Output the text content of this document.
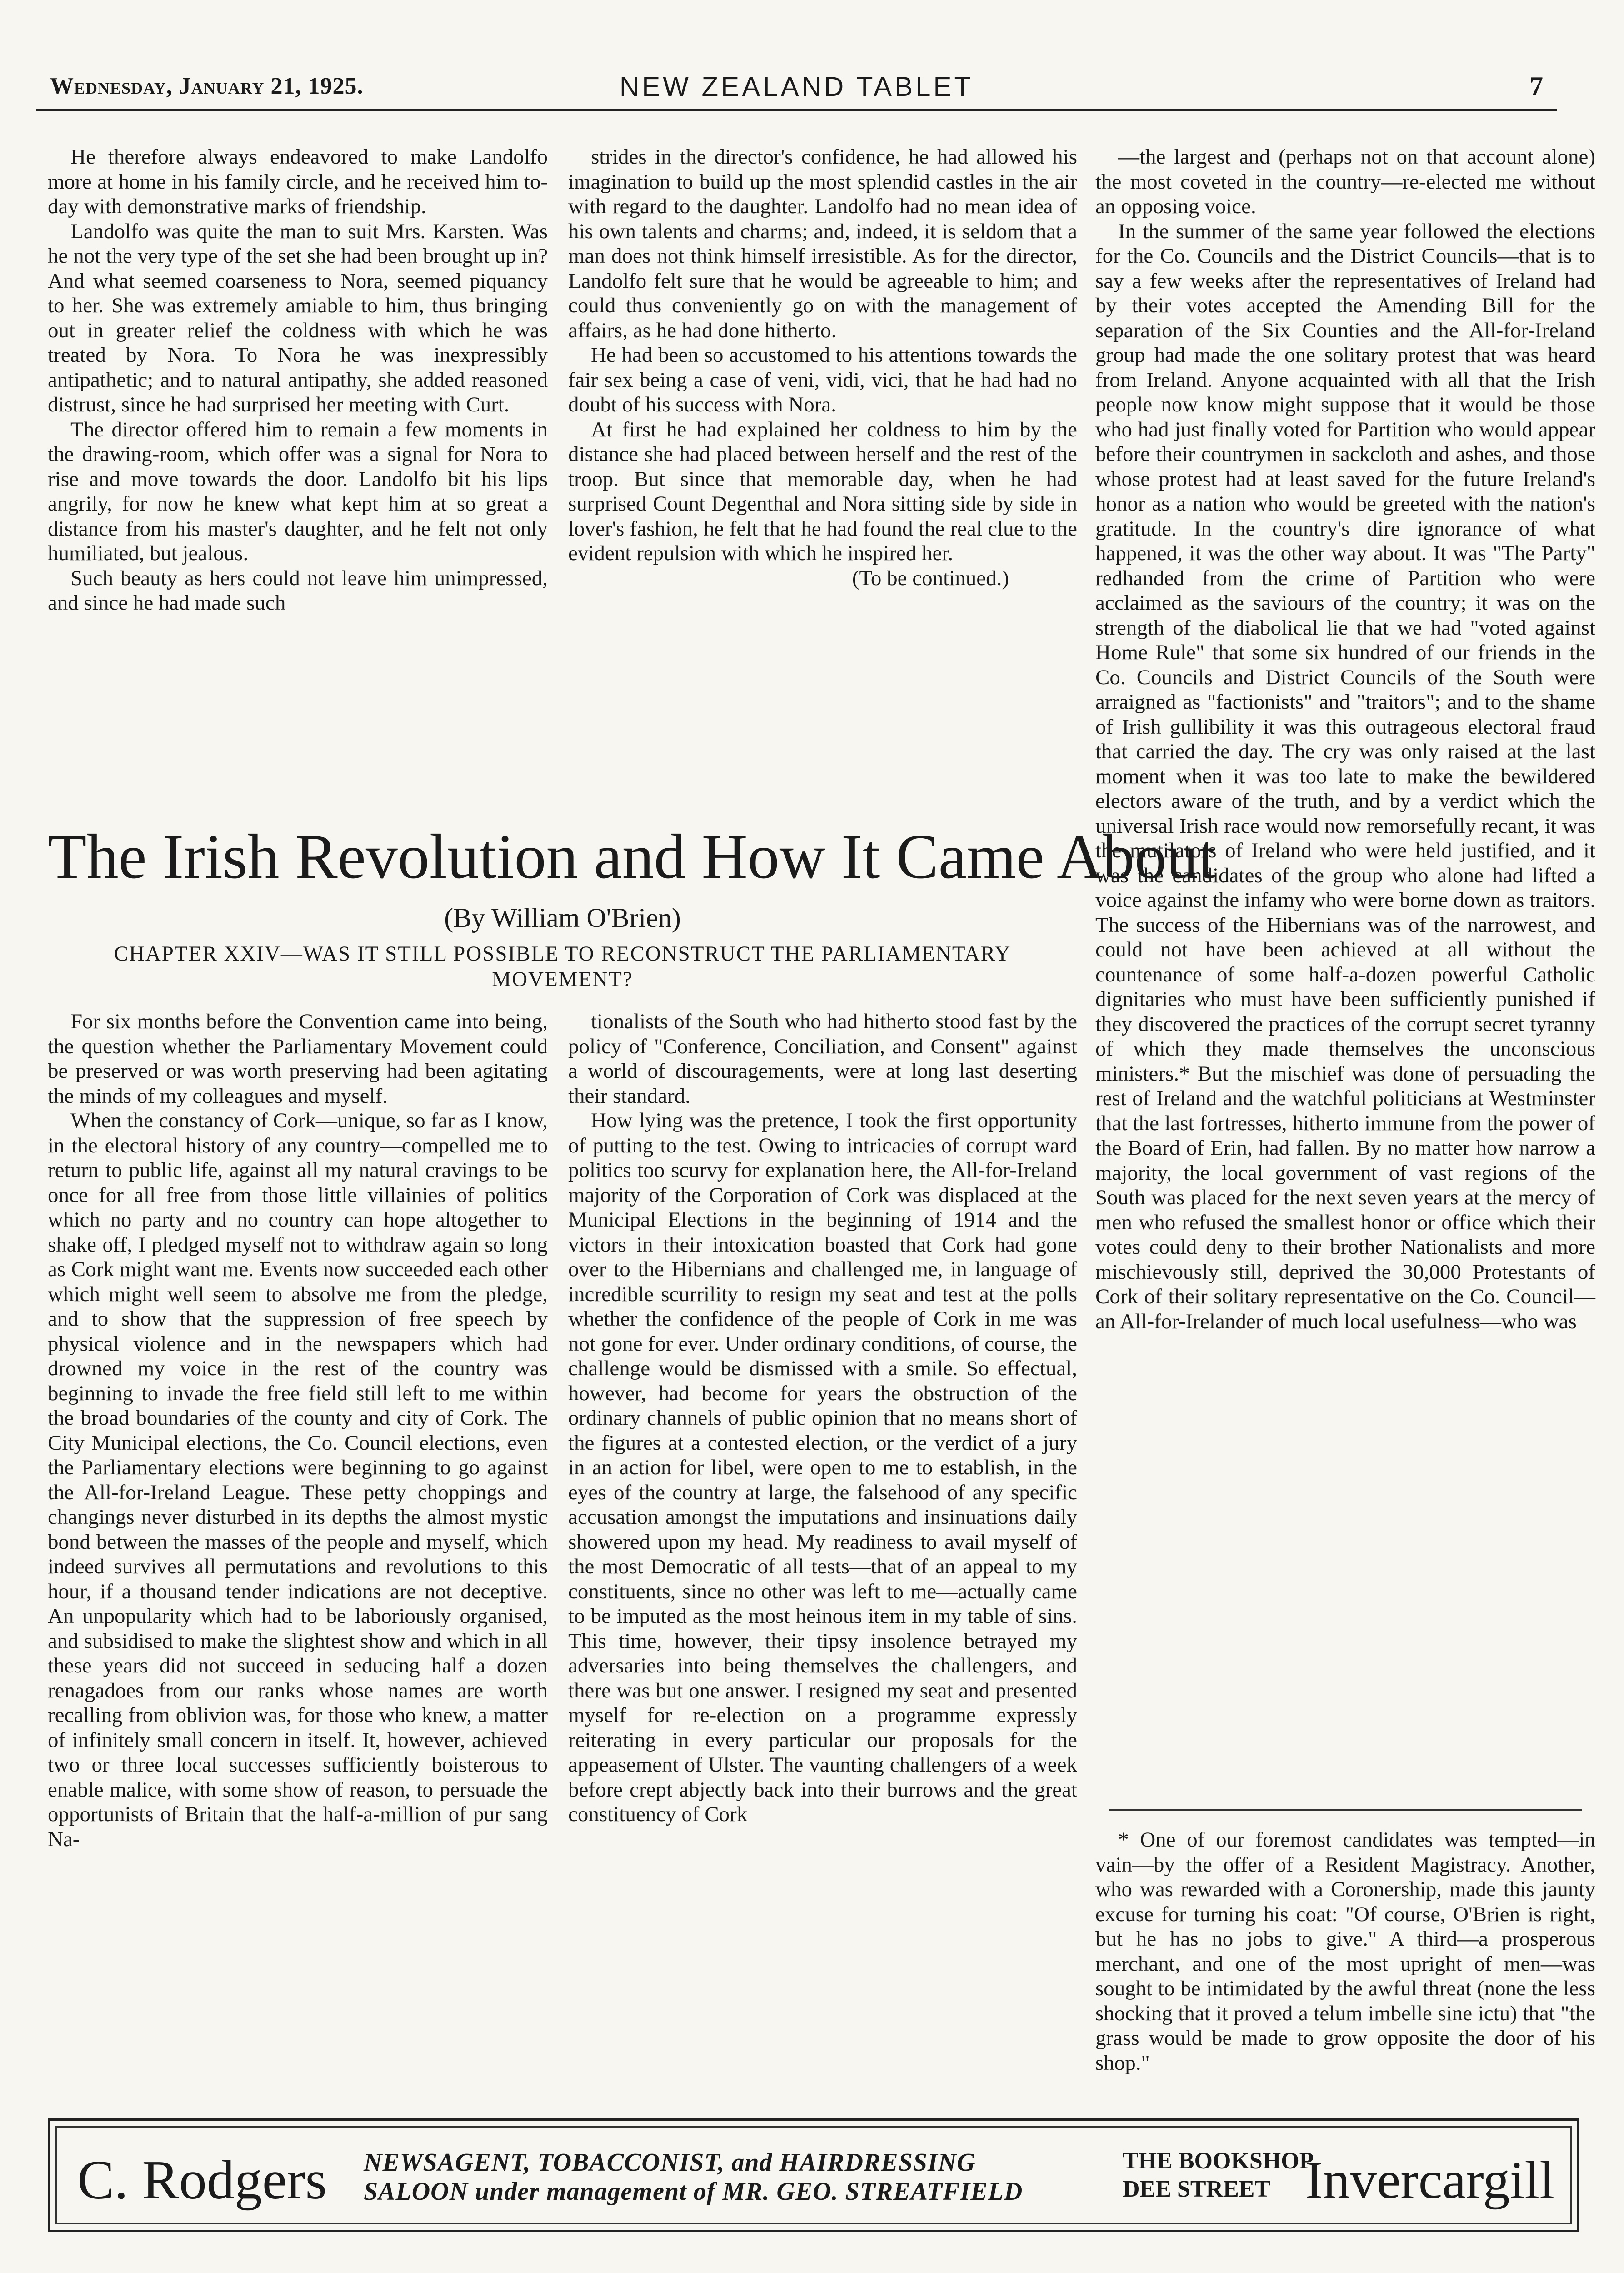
Wednesday, January 21, 1925.	NEW ZEALAND TABLET	7

He therefore always endeavored to make Landolfo more at home in his family circle, and he received him to-day with demonstrative marks of friendship.

Landolfo was quite the man to suit Mrs. Karsten. Was he not the very type of the set she had been brought up in? And what seemed coarseness to Nora, seemed piquancy to her. She was extremely amiable to him, thus bringing out in greater relief the coldness with which he was treated by Nora. To Nora he was inexpressibly antipathetic; and to natural antipathy, she added reasoned distrust, since he had surprised her meeting with Curt.

The director offered him to remain a few moments in the drawing-room, which offer was a signal for Nora to rise and move towards the door. Landolfo bit his lips angrily, for now he knew what kept him at so great a distance from his master's daughter, and he felt not only humiliated, but jealous.

Such beauty as hers could not leave him unimpressed, and since he had made such

strides in the director's confidence, he had allowed his imagination to build up the most splendid castles in the air with regard to the daughter. Landolfo had no mean idea of his own talents and charms; and, indeed, it is seldom that a man does not think himself irresistible. As for the director, Landolfo felt sure that he would be agreeable to him; and could thus conveniently go on with the management of affairs, as he had done hitherto.

He had been so accustomed to his attentions towards the fair sex being a case of veni, vidi, vici, that he had had no doubt of his success with Nora.

At first he had explained her coldness to him by the distance she had placed between herself and the rest of the troop. But since that memorable day, when he had surprised Count Degenthal and Nora sitting side by side in lover's fashion, he felt that he had found the real clue to the evident repulsion with which he inspired her.

(To be continued.)

The Irish Revolution and How It Came About
(By William O'Brien)
CHAPTER XXIV—WAS IT STILL POSSIBLE TO RECONSTRUCT THE PARLIAMENTARY MOVEMENT?

For six months before the Convention came into being, the question whether the Parliamentary Movement could be preserved or was worth preserving had been agitating the minds of my colleagues and myself.

When the constancy of Cork—unique, so far as I know, in the electoral history of any country—compelled me to return to public life, against all my natural cravings to be once for all free from those little villainies of politics which no party and no country can hope altogether to shake off, I pledged myself not to withdraw again so long as Cork might want me. Events now succeeded each other which might well seem to absolve me from the pledge, and to show that the suppression of free speech by physical violence and in the newspapers which had drowned my voice in the rest of the country was beginning to invade the free field still left to me within the broad boundaries of the county and city of Cork. The City Municipal elections, the Co. Council elections, even the Parliamentary elections were beginning to go against the All-for-Ireland League. These petty choppings and changings never disturbed in its depths the almost mystic bond between the masses of the people and myself, which indeed survives all permutations and revolutions to this hour, if a thousand tender indications are not deceptive. An unpopularity which had to be laboriously organised, and subsidised to make the slightest show and which in all these years did not succeed in seducing half a dozen renagadoes from our ranks whose names are worth recalling from oblivion was, for those who knew, a matter of infinitely small concern in itself. It, however, achieved two or three local successes sufficiently boisterous to enable malice, with some show of reason, to persuade the opportunists of Britain that the half-a-million of pur sang Na-

tionalists of the South who had hitherto stood fast by the policy of "Conference, Conciliation, and Consent" against a world of discouragements, were at long last deserting their standard.

How lying was the pretence, I took the first opportunity of putting to the test. Owing to intricacies of corrupt ward politics too scurvy for explanation here, the All-for-Ireland majority of the Corporation of Cork was displaced at the Municipal Elections in the beginning of 1914 and the victors in their intoxication boasted that Cork had gone over to the Hibernians and challenged me, in language of incredible scurrility to resign my seat and test at the polls whether the confidence of the people of Cork in me was not gone for ever. Under ordinary conditions, of course, the challenge would be dismissed with a smile. So effectual, however, had become for years the obstruction of the ordinary channels of public opinion that no means short of the figures at a contested election, or the verdict of a jury in an action for libel, were open to me to establish, in the eyes of the country at large, the falsehood of any specific accusation amongst the imputations and insinuations daily showered upon my head. My readiness to avail myself of the most Democratic of all tests—that of an appeal to my constituents, since no other was left to me—actually came to be imputed as the most heinous item in my table of sins. This time, however, their tipsy insolence betrayed my adversaries into being themselves the challengers, and there was but one answer. I resigned my seat and presented myself for re-election on a programme expressly reiterating in every particular our proposals for the appeasement of Ulster. The vaunting challengers of a week before crept abjectly back into their burrows and the great constituency of Cork

—the largest and (perhaps not on that account alone) the most coveted in the country—re-elected me without an opposing voice.

In the summer of the same year followed the elections for the Co. Councils and the District Councils—that is to say a few weeks after the representatives of Ireland had by their votes accepted the Amending Bill for the separation of the Six Counties and the All-for-Ireland group had made the one solitary protest that was heard from Ireland. Anyone acquainted with all that the Irish people now know might suppose that it would be those who had just finally voted for Partition who would appear before their countrymen in sackcloth and ashes, and those whose protest had at least saved for the future Ireland's honor as a nation who would be greeted with the nation's gratitude. In the country's dire ignorance of what happened, it was the other way about. It was "The Party" redhanded from the crime of Partition who were acclaimed as the saviours of the country; it was on the strength of the diabolical lie that we had "voted against Home Rule" that some six hundred of our friends in the Co. Councils and District Councils of the South were arraigned as "factionists" and "traitors"; and to the shame of Irish gullibility it was this outrageous electoral fraud that carried the day. The cry was only raised at the last moment when it was too late to make the bewildered electors aware of the truth, and by a verdict which the universal Irish race would now remorsefully recant, it was the mutilators of Ireland who were held justified, and it was the candidates of the group who alone had lifted a voice against the infamy who were borne down as traitors. The success of the Hibernians was of the narrowest, and could not have been achieved at all without the countenance of some half-a-dozen powerful Catholic dignitaries who must have been sufficiently punished if they discovered the practices of the corrupt secret tyranny of which they made themselves the unconscious ministers.* But the mischief was done of persuading the rest of Ireland and the watchful politicians at Westminster that the last fortresses, hitherto immune from the power of the Board of Erin, had fallen. By no matter how narrow a majority, the local government of vast regions of the South was placed for the next seven years at the mercy of men who refused the smallest honor or office which their votes could deny to their brother Nationalists and more mischievously still, deprived the 30,000 Protestants of Cork of their solitary representative on the Co. Council—an All-for-Irelander of much local usefulness—who was

* One of our foremost candidates was tempted—in vain—by the offer of a Resident Magistracy. Another, who was rewarded with a Coronership, made this jaunty excuse for turning his coat: "Of course, O'Brien is right, but he has no jobs to give." A third—a prosperous merchant, and one of the most upright of men—was sought to be intimidated by the awful threat (none the less shocking that it proved a telum imbelle sine ictu) that "the grass would be made to grow opposite the door of his shop."

C. Rodgers NEWSAGENT, TOBACCONIST, and HAIRDRESSING
SALOON under management of MR. GEO. STREATFIELD
THE BOOKSHOP
DEE STREET Invercargill
